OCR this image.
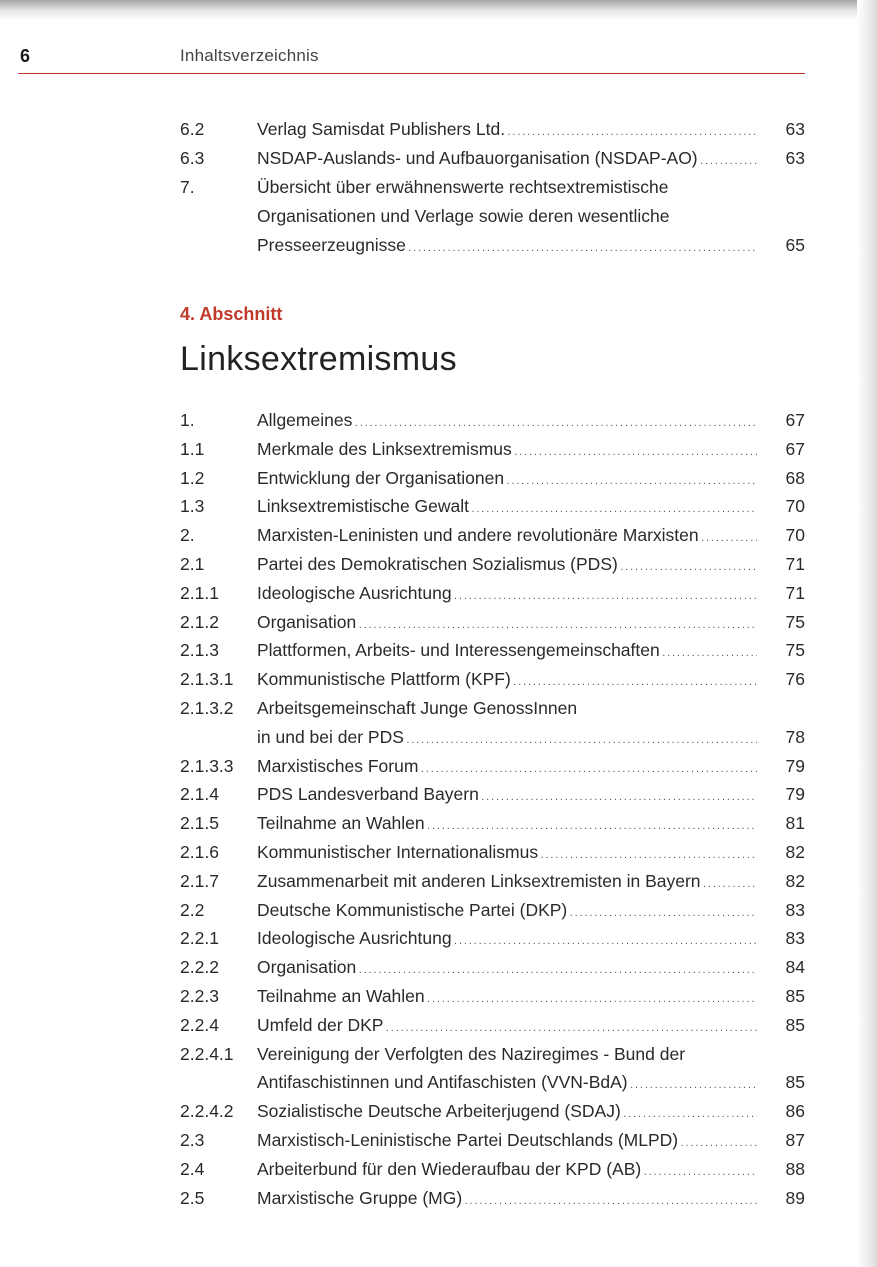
6	Inhaltsverzeichnis
6.2	Verlag Samisdat Publishers Ltd. . . .	63
6.3	NSDAP-Auslands- und Aufbauorganisation (NSDAP-AO) . . .	63
7.	Übersicht über erwähnenswerte rechtsextremistische
Organisationen und Verlage sowie deren wesentliche
Presseerzeugnisse . . .	65
4. Abschnitt
Linksextremismus
1.	Allgemeines . . .	67
1.1	Merkmale des Linksextremismus . . .	67
1.2	Entwicklung der Organisationen . . .	68
1.3	Linksextremistische Gewalt . . .	70
2.	Marxisten-Leninisten und andere revolutionäre Marxisten . . .	70
2.1	Partei des Demokratischen Sozialismus (PDS) . . .	71
2.1.1 Ideologische Ausrichtung . . .	71
2.1.2 Organisation . . .	75
2.1.3 Plattformen, Arbeits- und Interessengemeinschaften . . .	75
2.1.3.1 Kommunistische Plattform (KPF) . . .	76
2.1.3.2 Arbeitsgemeinschaft Junge GenossInnen
in und bei der PDS . . .	78
2.1.3.3 Marxistisches Forum . . .	79
2.1.4 PDS Landesverband Bayern . . .	79
2.1.5 Teilnahme an Wahlen . . .	81
2.1.6 Kommunistischer Internationalismus . . .	82
2.1.7 Zusammenarbeit mit anderen Linksextremisten in Bayern . . .	82
2.2	Deutsche Kommunistische Partei (DKP) . . .	83
2.2.1 Ideologische Ausrichtung . . .	83
2.2.2 Organisation . . .	84
2.2.3 Teilnahme an Wahlen . . .	85
2.2.4 Umfeld der DKP . . .	85
2.2.4.1 Vereinigung der Verfolgten des Naziregimes - Bund der
Antifaschistinnen und Antifaschisten (VVN-BdA) . . .	85
2.2.4.2 Sozialistische Deutsche Arbeiterjugend (SDAJ) . . .	86
2.3	Marxistisch-Leninistische Partei Deutschlands (MLPD) . . .	87
2.4	Arbeiterbund für den Wiederaufbau der KPD (AB) . . .	88
2.5	Marxistische Gruppe (MG) . . .	89
